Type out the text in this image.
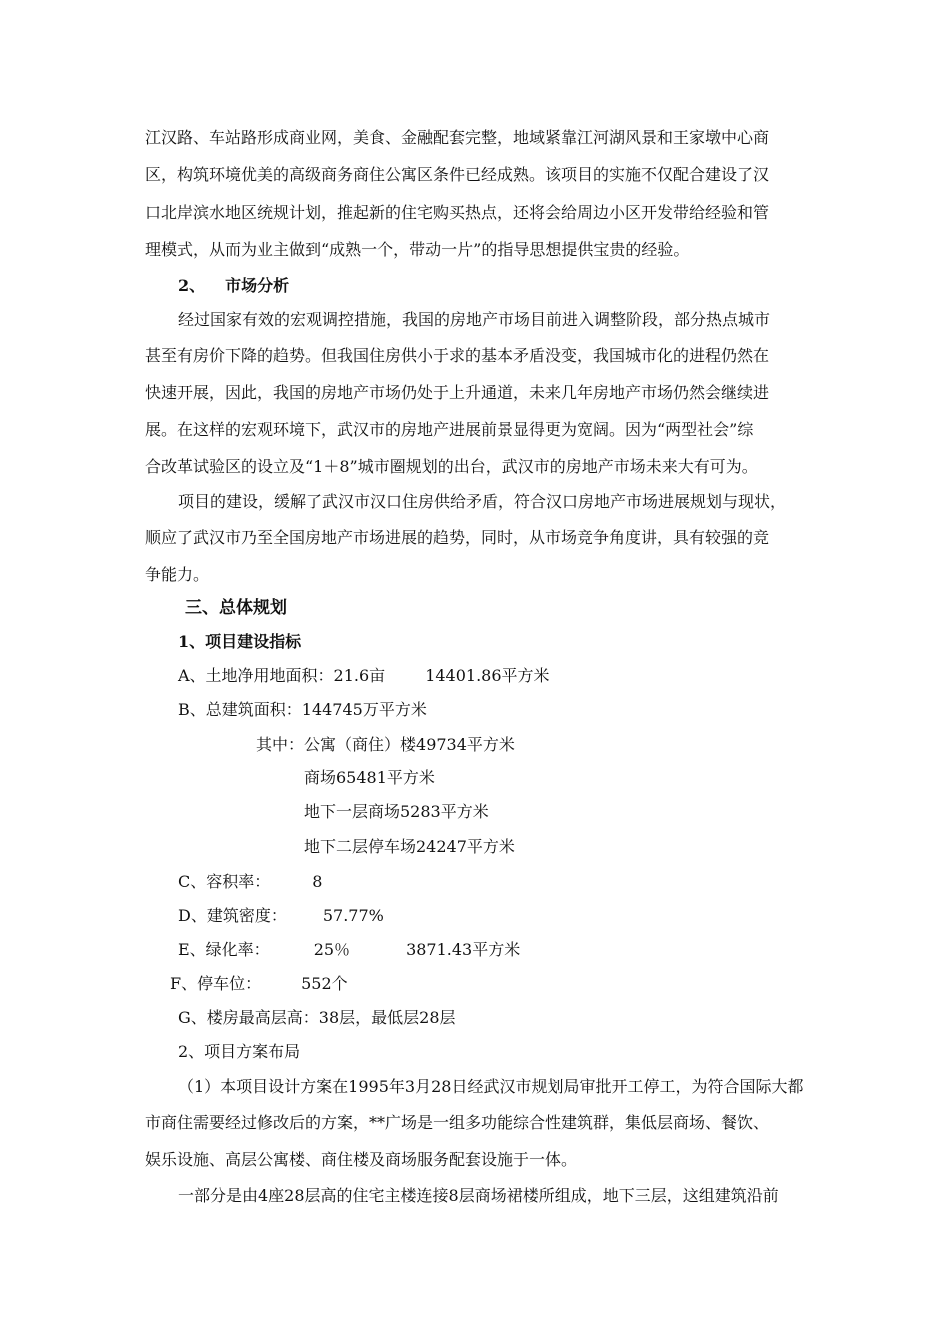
江汉路、车站路形成商业网，美食、金融配套完整，地域紧靠江河湖风景和王家墩中心商
区，构筑环境优美的高级商务商住公寓区条件已经成熟。该项目的实施不仅配合建设了汉
口北岸滨水地区统规计划，推起新的住宅购买热点，还将会给周边小区开发带给经验和管
理模式，从而为业主做到“成熟一个，带动一片”的指导思想提供宝贵的经验。
2、 市场分析
经过国家有效的宏观调控措施，我国的房地产市场目前进入调整阶段，部分热点城市
甚至有房价下降的趋势。但我国住房供小于求的基本矛盾没变，我国城市化的进程仍然在
快速开展，因此，我国的房地产市场仍处于上升通道，未来几年房地产市场仍然会继续进
展。在这样的宏观环境下，武汉市的房地产进展前景显得更为宽阔。因为“两型社会”综
合改革试验区的设立及“1＋8”城市圈规划的出台，武汉市的房地产市场未来大有可为。
项目的建设，缓解了武汉市汉口住房供给矛盾，符合汉口房地产市场进展规划与现状，
顺应了武汉市乃至全国房地产市场进展的趋势，同时，从市场竞争角度讲，具有较强的竞
争能力。
三、总体规划
1、项目建设指标
A、土地净用地面积：21.6亩	14401.86平方米
B、总建筑面积：144745万平方米
其中：公寓（商住）楼49734平方米
商场65481平方米
地下一层商场5283平方米
地下二层停车场24247平方米
C、容积率：	8
D、建筑密度： 57.77%
E、绿化率：	25％	3871.43平方米
F、停车位：	552个
G、楼房最高层高：38层，最低层28层
2、项目方案布局
（1）本项目设计方案在1995年3月28日经武汉市规划局审批开工停工，为符合国际大都
市商住需要经过修改后的方案，**广场是一组多功能综合性建筑群，集低层商场、餐饮、
娱乐设施、高层公寓楼、商住楼及商场服务配套设施于一体。
一部分是由4座28层高的住宅主楼连接8层商场裙楼所组成，地下三层，这组建筑沿前
